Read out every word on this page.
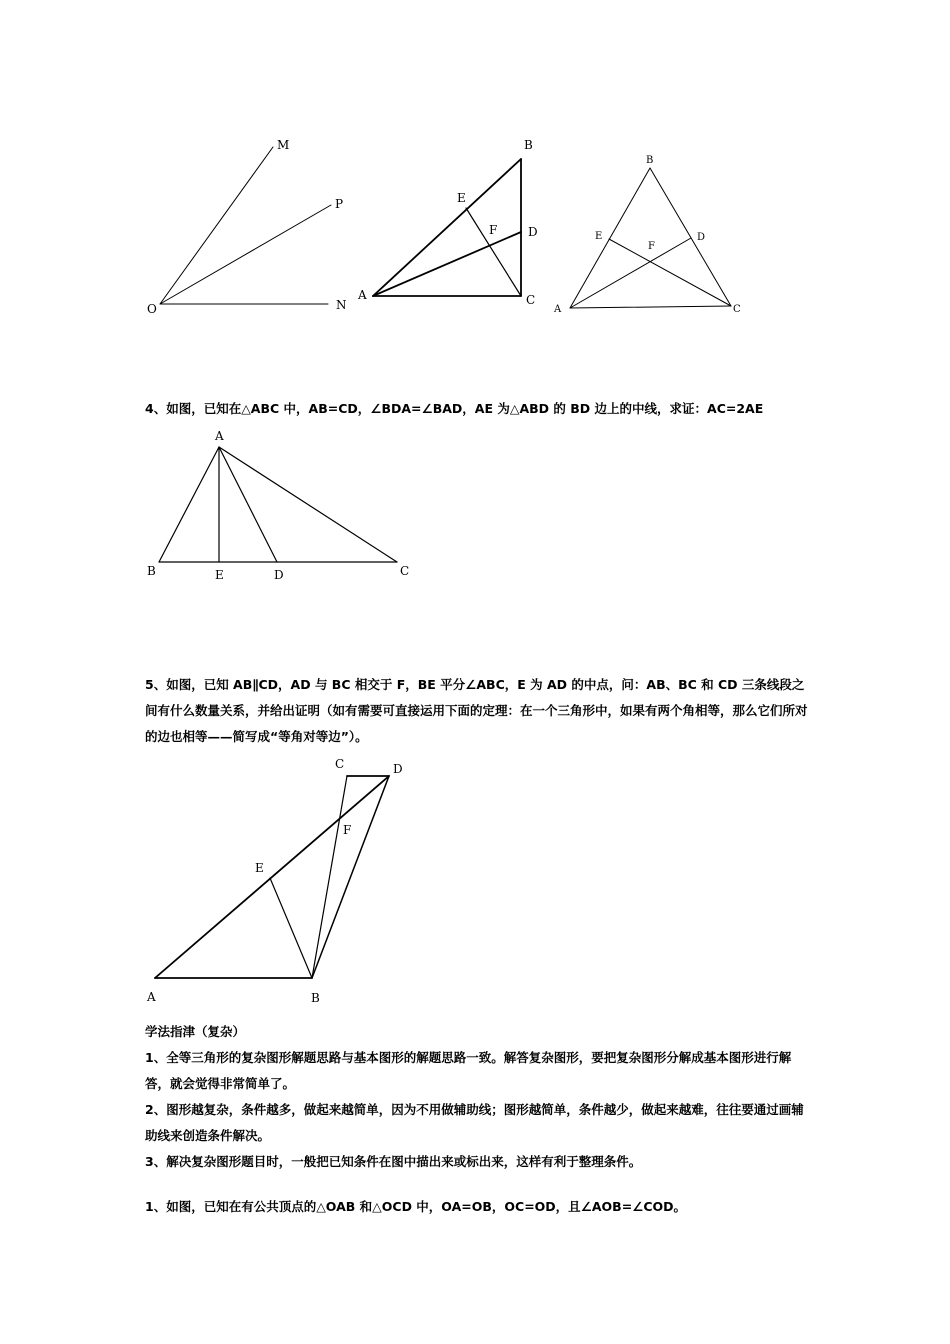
M
P
O	N
B
E
F	D
A	C
B
E
F
D
A	C
4、如图，已知在△ABC 中，AB=CD，∠BDA=∠BAD，AE 为△ABD 的 BD 边上的中线，求证：AC=2AE
A
B	E	D	C
5、如图，已知 AB∥CD，AD 与 BC 相交于 F，BE 平分∠ABC，E 为 AD 的中点，问：AB、BC 和 CD 三条线段之间有什么数量关系，并给出证明（如有需要可直接运用下面的定理：在一个三角形中，如果有两个角相等，那么它们所对的边也相等——简写成“等角对等边”）。
C	D
F
E
A	B
学法指津（复杂）
1、全等三角形的复杂图形解题思路与基本图形的解题思路一致。解答复杂图形，要把复杂图形分解成基本图形进行解答，就会觉得非常简单了。
2、图形越复杂，条件越多，做起来越简单，因为不用做辅助线；图形越简单，条件越少，做起来越难，往往要通过画辅助线来创造条件解决。
3、解决复杂图形题目时，一般把已知条件在图中描出来或标出来，这样有利于整理条件。
1、如图，已知在有公共顶点的△OAB 和△OCD 中，OA=OB，OC=OD，且∠AOB=∠COD。
